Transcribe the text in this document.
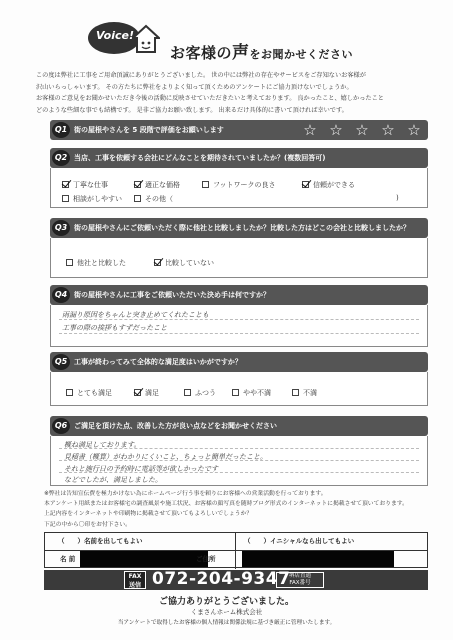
Voice!
お客様の声をお聞かせください
この度は弊社に工事をご用命頂誠にありがとうございました。 世の中には弊社の存在やサービスをご存知ないお客様が
沢山いらっしゃいます。 その方たちに弊社をよりよく知って頂くためのアンケートにご協力頂けないでしょうか。
お客様のご意見をお聞かせいただき今後の活動に反映させていただきたいと考えております。 良かったこと、嬉しかったこと
どのような些細な事でも結構です。 是非ご協力お願い致します。 出来るだけ具体的に書いて頂ければ幸いです。
Q1 街の屋根やさんを 5 段階で評価をお願いします	☆ ☆ ☆ ☆ ☆
Q2 当店、工事を依頼する会社にどんなことを期待されていましたか？(複数回答可)
丁寧な仕事	適正な価格	フットワークの良さ	信頼ができる
相談がしやすい	その他（	)
Q3 街の屋根やさんにご依頼いただく際に他社と比較しましたか？比較した方はどこの会社と比較しましたか？
他社と比較した	比較していない
Q4 街の屋根やさんに工事をご依頼いただいた決め手は何ですか？
雨漏り原因をちゃんと突き止めてくれたことも
工事の際の挨拶もすずだったこと
Q5 工事が終わってみて全体的な満足度はいかがですか？
とても満足	満足	ふつう	やや不満	不満
Q6 ご満足を頂けた点、改善した方が良い点などをお聞かせください
概ね満足しております。
見積書（概算）がわかりにくいこと、ちょっと簡単だったこと。
それと施行日の予約時に電話等が欲しかったです
などでしたが、満足しました。
※弊社は告知宣伝費を極力かけない為にホームページ行う事を頼りにお客様への営業活動を行っております。
本アンケート用紙またはお客様宅の調査風景や施工状況、お客様の顔写真を随時ブログ形式のインターネットに掲載させて頂いております。
上記内容をインターネットや印刷物に掲載させて頂いてもよろしいでしょうか？
下記の中から〇印をお付下さい。
（　　）名前を出してもよい	（　　）イニシャルなら出してもよい
名 前	ご住所
FAX
送信 072-204-9347
堺店直通
FAX番号
ご協力ありがとうございました。
くまさんホーム株式会社
当アンケートで取得したお客様の個人情報は関係法規に基づき厳正に管理いたします。
